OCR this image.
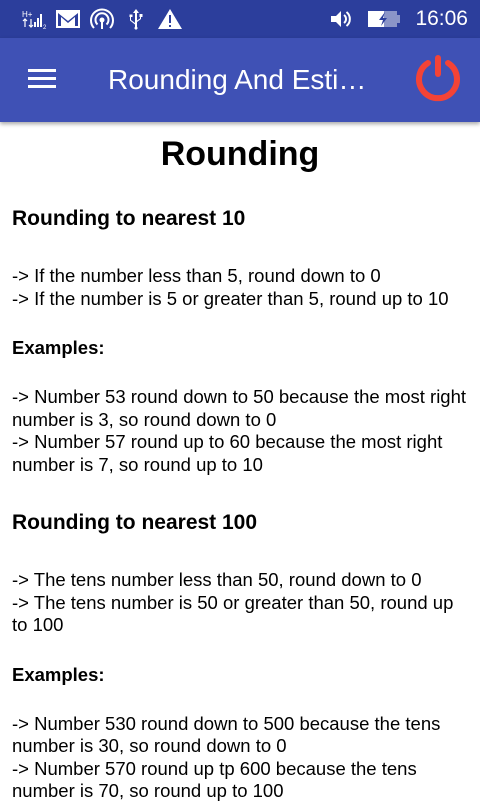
H+
2	16:06
Rounding And Esti…
Rounding
Rounding to nearest 10

-> If the number less than 5, round down to 0

-> If the number is 5 or greater than 5, round up to 10

Examples:

-> Number 53 round down to 50 because the most right number is 3, so round down to 0

-> Number 57 round up to 60 because the most right number is 7, so round up to 10

Rounding to nearest 100

-> The tens number less than 50, round down to 0

-> The tens number is 50 or greater than 50, round up to 100

Examples:

-> Number 530 round down to 500 because the tens number is 30, so round down to 0

-> Number 570 round up tp 600 because the tens number is 70, so round up to 100
